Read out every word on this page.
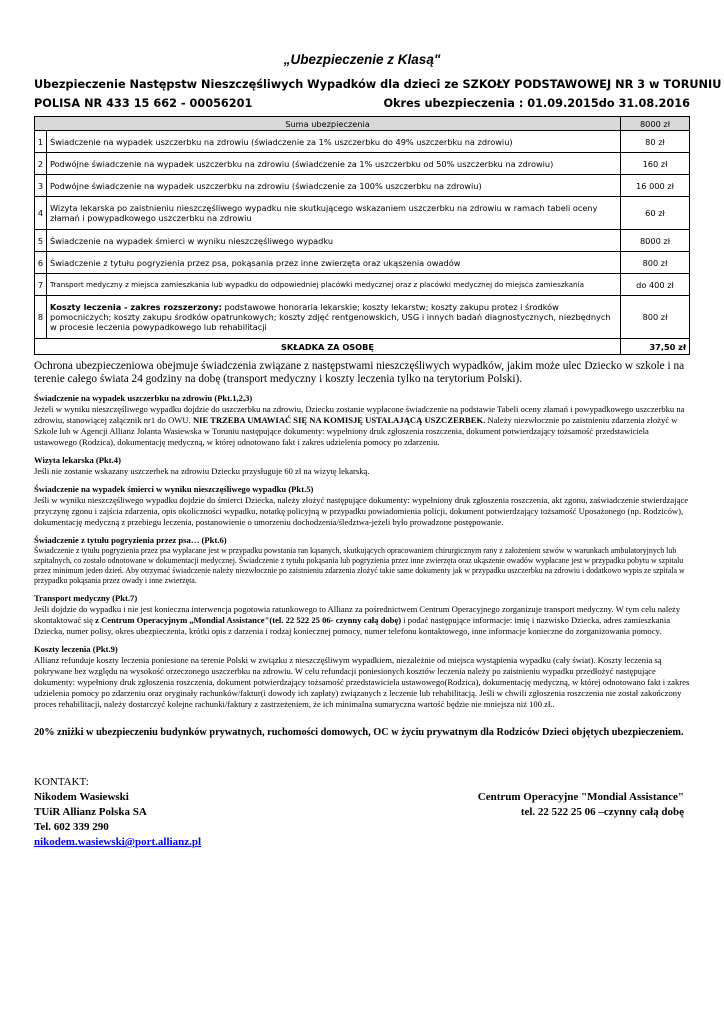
„Ubezpieczenie z Klasą"
Ubezpieczenie Następstw Nieszczęśliwych Wypadków dla dzieci ze SZKOŁY PODSTAWOWEJ NR 3 w TORUNIU
POLISA NR 433 15 662 - 00056201	Okres ubezpieczenia : 01.09.2015do 31.08.2016
Suma ubezpieczenia		8000 zł
1	Świadczenie na wypadek uszczerbku na zdrowiu (świadczenie za 1% uszczerbku do 49% uszczerbku na zdrowiu)	80 zł
2	Podwójne świadczenie na wypadek uszczerbku na zdrowiu (świadczenie za 1% uszczerbku od 50% uszczerbku na zdrowiu)	160 zł
3	Podwójne świadczenie na wypadek uszczerbku na zdrowiu (świadczenie za 100% uszczerbku na zdrowiu)	16 000 zł
4	Wizyta lekarska po zaistnieniu nieszczęśliwego wypadku nie skutkującego wskazaniem uszczerbku na zdrowiu w ramach tabeli oceny złamań i powypadkowego uszczerbku na zdrowiu	60 zł
5	Świadczenie na wypadek śmierci w wyniku nieszczęśliwego wypadku	8000 zł
6	Świadczenie z tytułu pogryzienia przez psa, pokąsania przez inne zwierzęta oraz ukąszenia owadów	800 zł
7	Transport medyczny z miejsca zamieszkania lub wypadku do odpowiedniej placówki medycznej oraz z placówki medycznej do miejsca zamieszkania	do 400 zł
8	Koszty leczenia - zakres rozszerzony: podstawowe honoraria lekarskie; koszty lekarstw; koszty zakupu protez i środków pomocniczych; koszty zakupu środków opatrunkowych; koszty zdjęć rentgenowskich, USG i innych badań diagnostycznych, niezbędnych w procesie leczenia powypadkowego lub rehabilitacji	800 zł
SKŁADKA ZA OSOBĘ		37,50 zł

Ochrona ubezpieczeniowa obejmuje świadczenia związane z następstwami nieszczęśliwych wypadków, jakim może ulec Dziecko w szkole i na terenie całego świata 24 godziny na dobę (transport medyczny i koszty leczenia tylko na terytorium Polski).

Świadczenie na wypadek uszczerbku na zdrowiu (Pkt.1,2,3)

Jeżeli w wyniku nieszczęśliwego wypadku dojdzie do uszczerbku na zdrowiu, Dziecku zostanie wypłacone świadczenie na podstawie Tabeli oceny złamań i powypadkowego uszczerbku na zdrowiu, stanowiącej załącznik nr1 do OWU. NIE TRZEBA UMAWIAĆ SIĘ NA KOMISJĘ USTALAJĄCĄ USZCZERBEK. Należy niezwłocznie po zaistnieniu zdarzenia złożyć w Szkole lub w Agencji Allianz Jolanta Wasiewska w Toruniu następujące dokumenty: wypełniony druk zgłoszenia roszczenia, dokument potwierdzający tożsamość przedstawiciela ustawowego (Rodzica), dokumentację medyczną, w której odnotowano fakt i zakres udzielenia pomocy po zdarzeniu.

Wizyta lekarska (Pkt.4)

Jeśli nie zostanie wskazany uszczerbek na zdrowiu Dziecku przysługuje 60 zł na wizytę lekarską.

Świadczenie na wypadek śmierci w wyniku nieszczęśliwego wypadku (Pkt.5)

Jeśli w wyniku nieszczęśliwego wypadku dojdzie do śmierci Dziecka, należy złożyć następujące dokumenty: wypełniony druk zgłoszenia roszczenia, akt zgonu, zaświadczenie stwierdzające przyczynę zgonu i zajścia zdarzenia, opis okoliczności wypadku, notatkę policyjną w przypadku powiadomienia policji, dokument potwierdzający tożsamość Uposażonego (np. Rodziców), dokumentację medyczną z przebiegu leczenia, postanowienie o umorzeniu dochodzenia/śledztwa-jeżeli było prowadzone postępowanie.

Świadczenie z tytułu pogryzienia przez psa… (Pkt.6)

Świadczenie z tytułu pogryzienia przez psa wypłacane jest w przypadku powstania ran kąsanych, skutkujących opracowaniem chirurgicznym rany z założeniem szwów w warunkach ambulatoryjnych lub szpitalnych, co zostało odnotowane w dokumentacji medycznej. Świadczenie z tytułu pokąsania lub pogryzienia przez inne zwierzęta oraz ukąszenie owadów wypłacane jest w przypadku pobytu w szpitalu przez minimum jeden dzień. Aby otrzymać świadczenie należy niezwłocznie po zaistnieniu zdarzenia złożyć takie same dokumenty jak w przypadku uszczerbku na zdrowiu i dodatkowo wypis ze szpitala w przypadku pokąsania przez owady i inne zwierzęta.

Transport medyczny (Pkt.7)

Jeśli dojdzie do wypadku i nie jest konieczna interwencja pogotowia ratunkowego to Allianz za pośrednictwem Centrum Operacyjnego zorganizuje transport medyczny. W tym celu należy skontaktować się z Centrum Operacyjnym „Mondial Assistance"(tel. 22 522 25 06- czynny całą dobę) i podać następujące informacje: imię i nazwisko Dziecka, adres zamieszkania Dziecka, numer polisy, okres ubezpieczenia, krótki opis z darzenia i rodzaj koniecznej pomocy, numer telefonu kontaktowego, inne informacje konieczne do zorganizowania pomocy.

Koszty leczenia (Pkt.9)

Allianz refunduje koszty leczenia poniesione na terenie Polski w związku z nieszczęśliwym wypadkiem, niezależnie od miejsca wystąpienia wypadku (cały świat). Koszty leczenia są pokrywane bez względu na wysokość orzeczonego uszczerbku na zdrowiu. W celu refundacji poniesionych kosztów leczenia należy po zaistnieniu wypadku przedłożyć następujące dokumenty: wypełniony druk zgłoszenia roszczenia, dokument potwierdzający tożsamość przedstawiciela ustawowego(Rodzica), dokumentację medyczną, w której odnotowano fakt i zakres udzielenia pomocy po zdarzeniu oraz oryginały rachunków/faktur(i dowody ich zapłaty) związanych z leczenie lub rehabilitacją. Jeśli w chwili zgłoszenia roszczenia nie został zakończony proces rehabilitacji, należy dostarczyć kolejne rachunki/faktury z zastrzeżeniem, że ich minimalna sumaryczna wartość będzie nie mniejsza niż 100 zł..

20% zniżki w ubezpieczeniu budynków prywatnych, ruchomości domowych, OC w życiu prywatnym dla Rodziców Dzieci objętych ubezpieczeniem.

KONTAKT:
Nikodem Wasiewski
TUiR Allianz Polska SA
Tel. 602 339 290
nikodem.wasiewski@port.allianz.pl
Centrum Operacyjne "Mondial Assistance"
tel. 22 522 25 06 –czynny całą dobę
